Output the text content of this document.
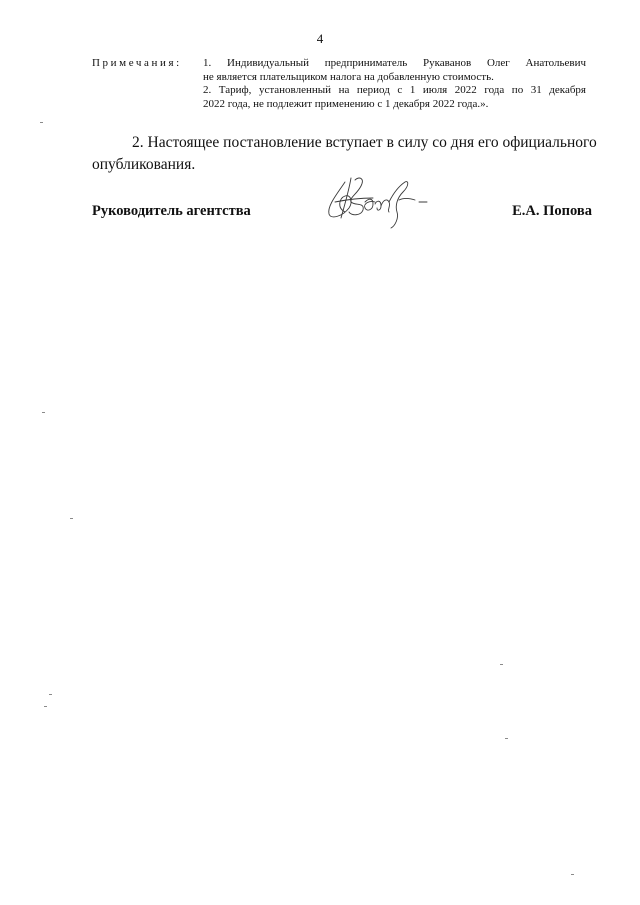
4
Примечания: 1. Индивидуальный предприниматель Рукаванов Олег Анатольевич
не является плательщиком налога на добавленную стоимость.
2. Тариф, установленный на период с 1 июля 2022 года по 31 декабря
2022 года, не подлежит применению с 1 декабря 2022 года.».
2. Настоящее постановление вступает в силу со дня его официального
опубликования.
Руководитель агентства	Е.А. Попова
